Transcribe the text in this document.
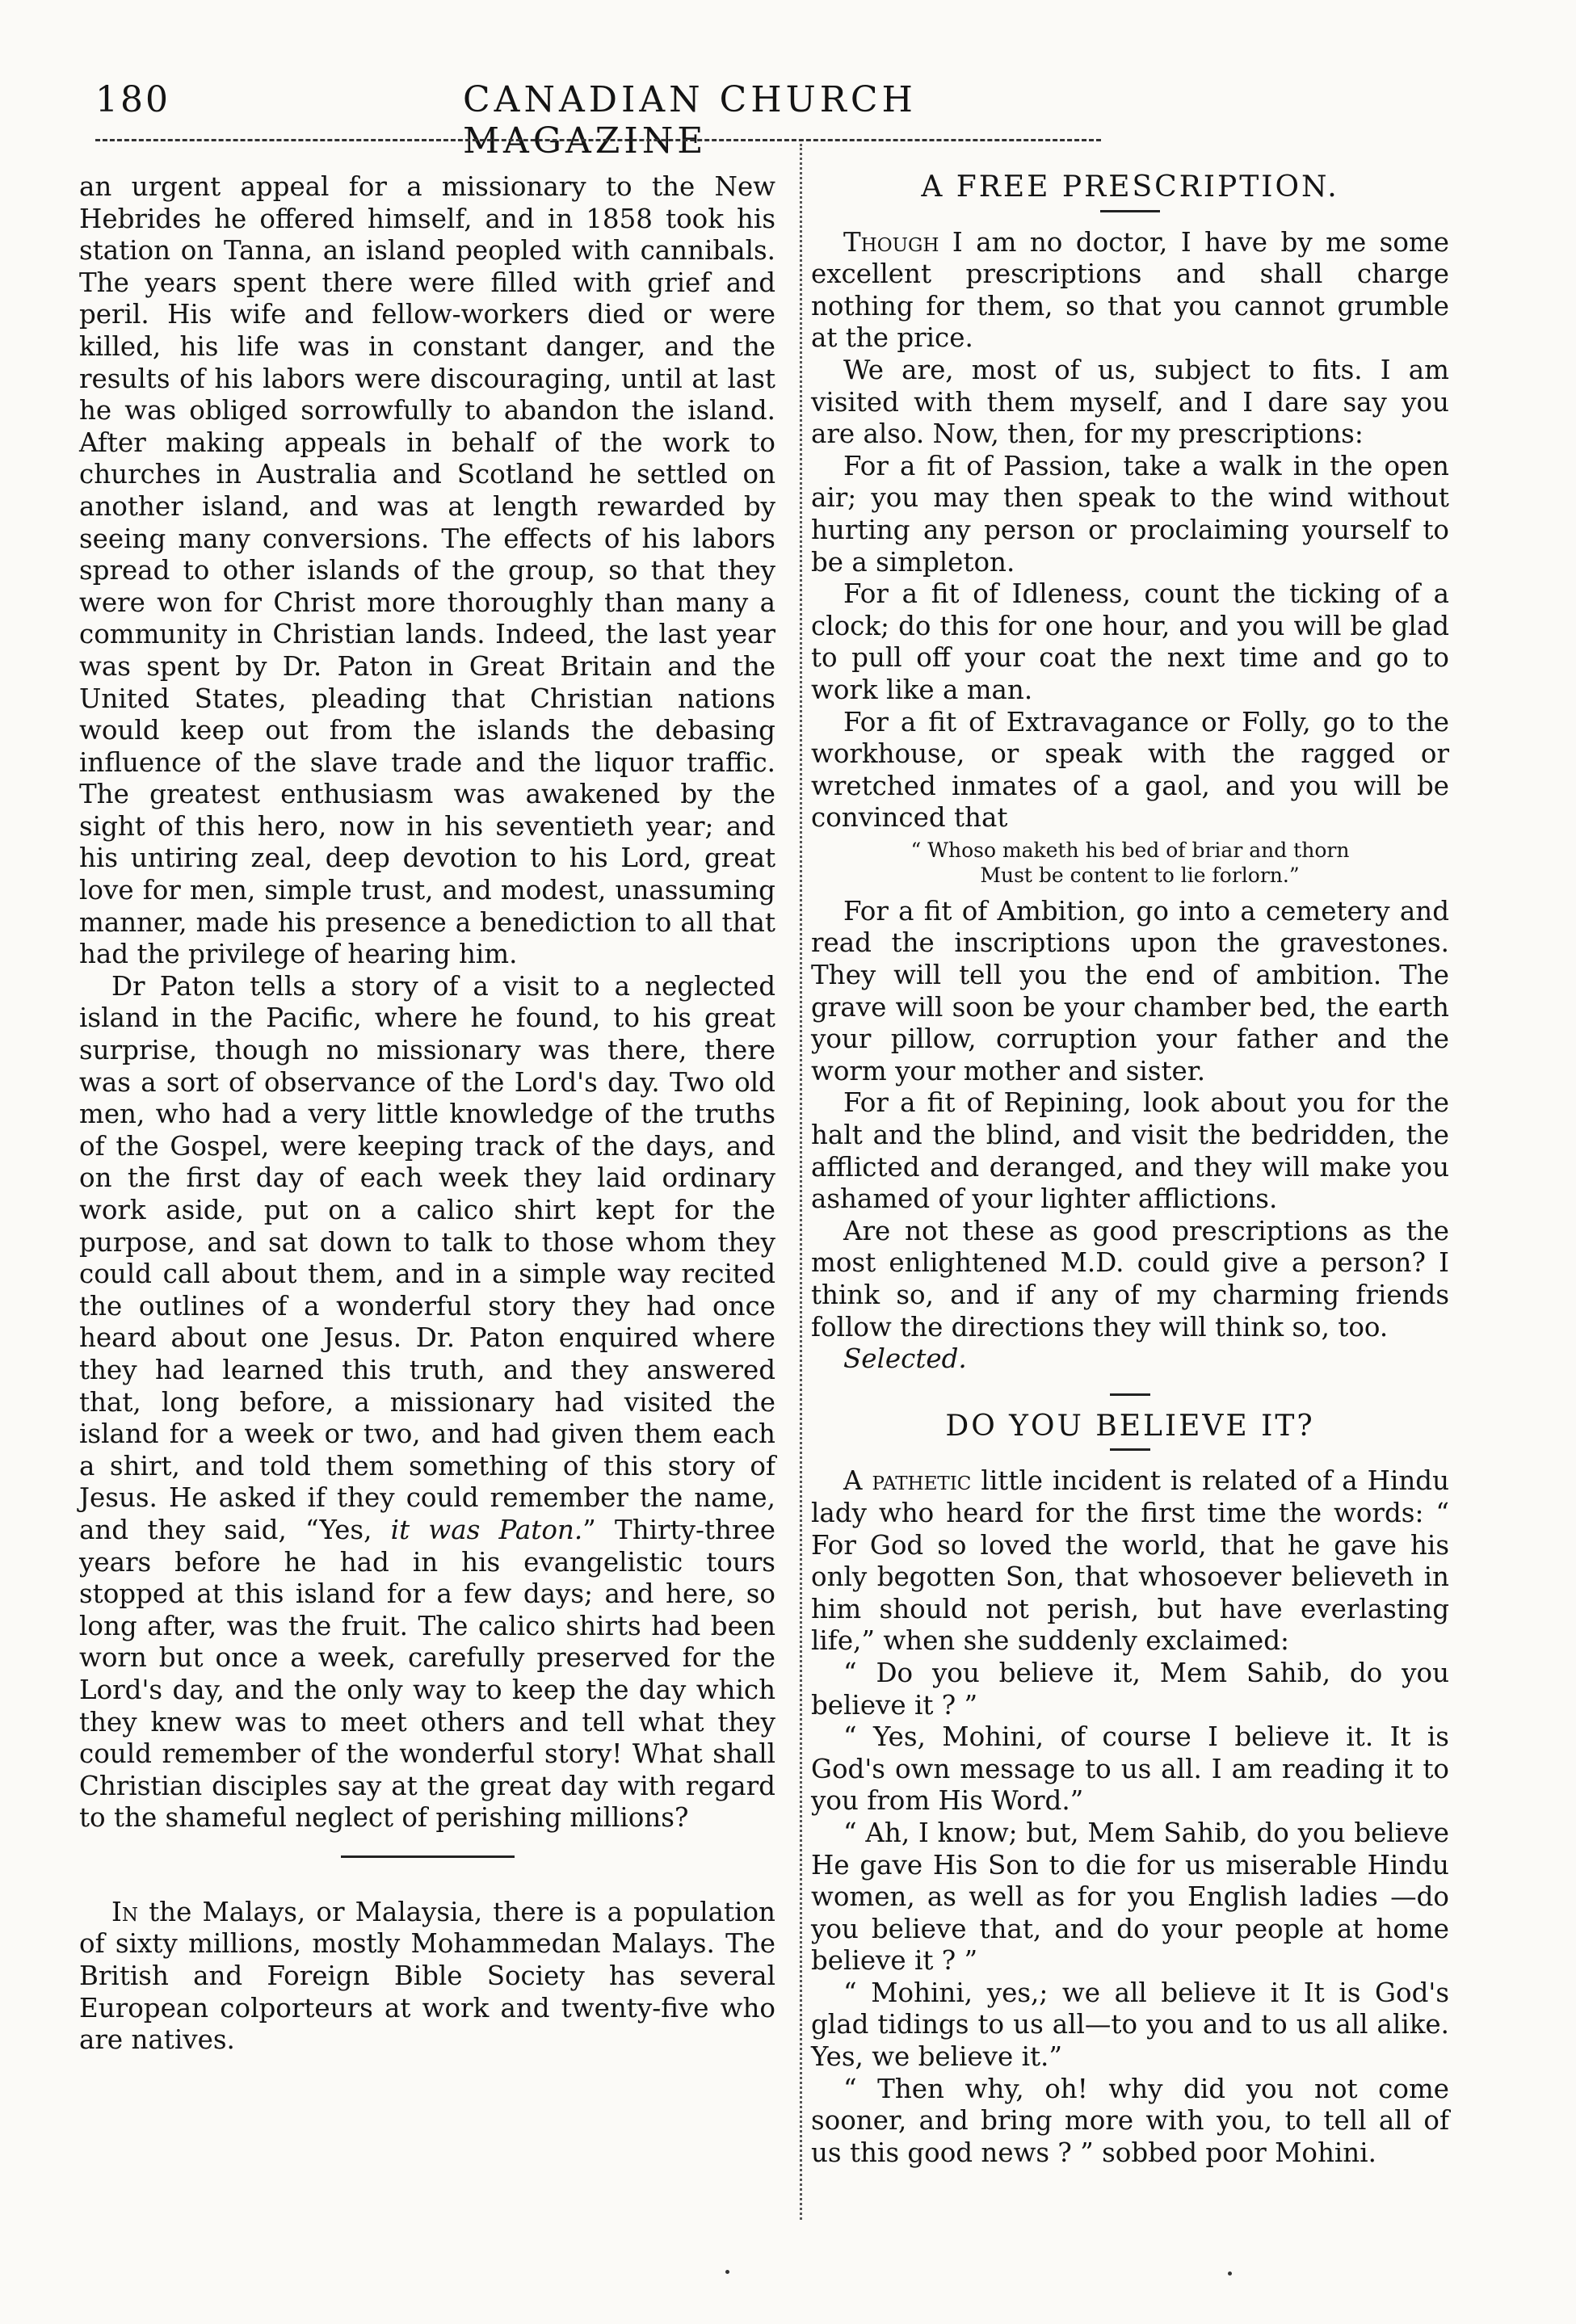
180	CANADIAN CHURCH MAGAZINE

an urgent appeal for a missionary to the New Hebrides he offered himself, and in 1858 took his station on Tanna, an island peopled with cannibals. The years spent there were filled with grief and peril. His wife and fellow-workers died or were killed, his life was in constant danger, and the results of his labors were discouraging, until at last he was obliged sorrowfully to abandon the island. After making appeals in behalf of the work to churches in Australia and Scotland he settled on another island, and was at length rewarded by seeing many conversions. The effects of his labors spread to other islands of the group, so that they were won for Christ more thoroughly than many a community in Christian lands. Indeed, the last year was spent by Dr. Paton in Great Britain and the United States, pleading that Christian nations would keep out from the islands the debasing influence of the slave trade and the liquor traffic. The greatest enthusiasm was awakened by the sight of this hero, now in his seventieth year; and his untiring zeal, deep devotion to his Lord, great love for men, simple trust, and modest, unassuming manner, made his presence a benediction to all that had the privilege of hearing him.

Dr Paton tells a story of a visit to a neglected island in the Pacific, where he found, to his great surprise, though no missionary was there, there was a sort of observance of the Lord's day. Two old men, who had a very little knowledge of the truths of the Gospel, were keeping track of the days, and on the first day of each week they laid ordinary work aside, put on a calico shirt kept for the purpose, and sat down to talk to those whom they could call about them, and in a simple way recited the outlines of a wonderful story they had once heard about one Jesus. Dr. Paton enquired where they had learned this truth, and they answered that, long before, a missionary had visited the island for a week or two, and had given them each a shirt, and told them something of this story of Jesus. He asked if they could remember the name, and they said, “Yes, it was Paton.” Thirty-three years before he had in his evangelistic tours stopped at this island for a few days; and here, so long after, was the fruit. The calico shirts had been worn but once a week, carefully preserved for the Lord's day, and the only way to keep the day which they knew was to meet others and tell what they could remember of the wonderful story! What shall Christian disciples say at the great day with regard to the shameful neglect of perishing millions?

In the Malays, or Malaysia, there is a population of sixty millions, mostly Mohammedan Malays. The British and Foreign Bible Society has several European colporteurs at work and twenty-five who are natives.

A FREE PRESCRIPTION.

Though I am no doctor, I have by me some excellent prescriptions and shall charge nothing for them, so that you cannot grumble at the price.

We are, most of us, subject to fits. I am visited with them myself, and I dare say you are also. Now, then, for my prescriptions:

For a fit of Passion, take a walk in the open air; you may then speak to the wind without hurting any person or proclaiming yourself to be a simpleton.

For a fit of Idleness, count the ticking of a clock; do this for one hour, and you will be glad to pull off your coat the next time and go to work like a man.

For a fit of Extravagance or Folly, go to the workhouse, or speak with the ragged or wretched inmates of a gaol, and you will be convinced that

“ Whoso maketh his bed of briar and thorn
Must be content to lie forlorn.”

For a fit of Ambition, go into a cemetery and read the inscriptions upon the gravestones. They will tell you the end of ambition. The grave will soon be your chamber bed, the earth your pillow, corruption your father and the worm your mother and sister.

For a fit of Repining, look about you for the halt and the blind, and visit the bedridden, the afflicted and deranged, and they will make you ashamed of your lighter afflictions.

Are not these as good prescriptions as the most enlightened M.D. could give a person? I think so, and if any of my charming friends follow the directions they will think so, too.

Selected.

DO YOU BELIEVE IT?

A pathetic little incident is related of a Hindu lady who heard for the first time the words: “ For God so loved the world, that he gave his only begotten Son, that whosoever believeth in him should not perish, but have everlasting life,” when she suddenly exclaimed:

“ Do you believe it, Mem Sahib, do you believe it ? ”

“ Yes, Mohini, of course I believe it. It is God's own message to us all. I am reading it to you from His Word.”

“ Ah, I know; but, Mem Sahib, do you believe He gave His Son to die for us miserable Hindu women, as well as for you English ladies —do you believe that, and do your people at home believe it ? ”

“ Mohini, yes,; we all believe it It is God's glad tidings to us all—to you and to us all alike. Yes, we believe it.”

“ Then why, oh! why did you not come sooner, and bring more with you, to tell all of us this good news ? ” sobbed poor Mohini.
